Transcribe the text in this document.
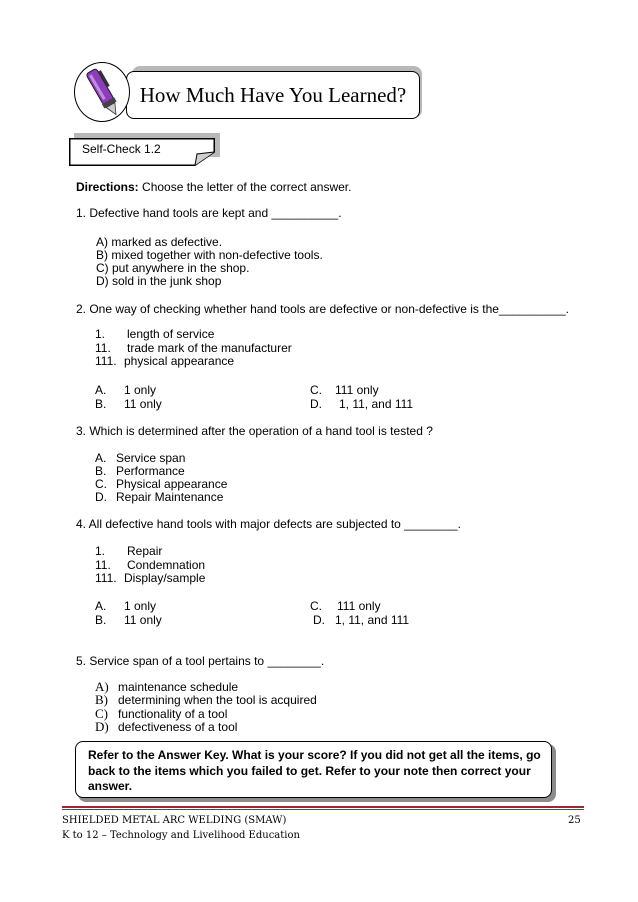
How Much Have You Learned?
Self-Check 1.2
Directions: Choose the letter of the correct answer.
1. Defective hand tools are kept and __________.
A) marked as defective.
B) mixed together with non-defective tools.
C) put anywhere in the shop.
D) sold in the junk shop
2. One way of checking whether hand tools are defective or non-defective is the__________.
1. length of service
11. trade mark of the manufacturer
111. physical appearance
A. 1 only
B. 11 only
C. 111 only
D. 1, 11, and 111
3. Which is determined after the operation of a hand tool is tested ?
A. Service span
B. Performance
C. Physical appearance
D. Repair Maintenance
4. All defective hand tools with major defects are subjected to ________.
1. Repair
11. Condemnation
111. Display/sample
A. 1 only
B. 11 only
C. 111 only
D. 1, 11, and 111
5. Service span of a tool pertains to ________.
A) maintenance schedule
B) determining when the tool is acquired
C) functionality of a tool
D) defectiveness of a tool
Refer to the Answer Key. What is your score? If you did not get all the items, go back to the items which you failed to get. Refer to your note then correct your answer.
SHIELDED METAL ARC WELDING (SMAW)
K to 12 – Technology and Livelihood Education
25
